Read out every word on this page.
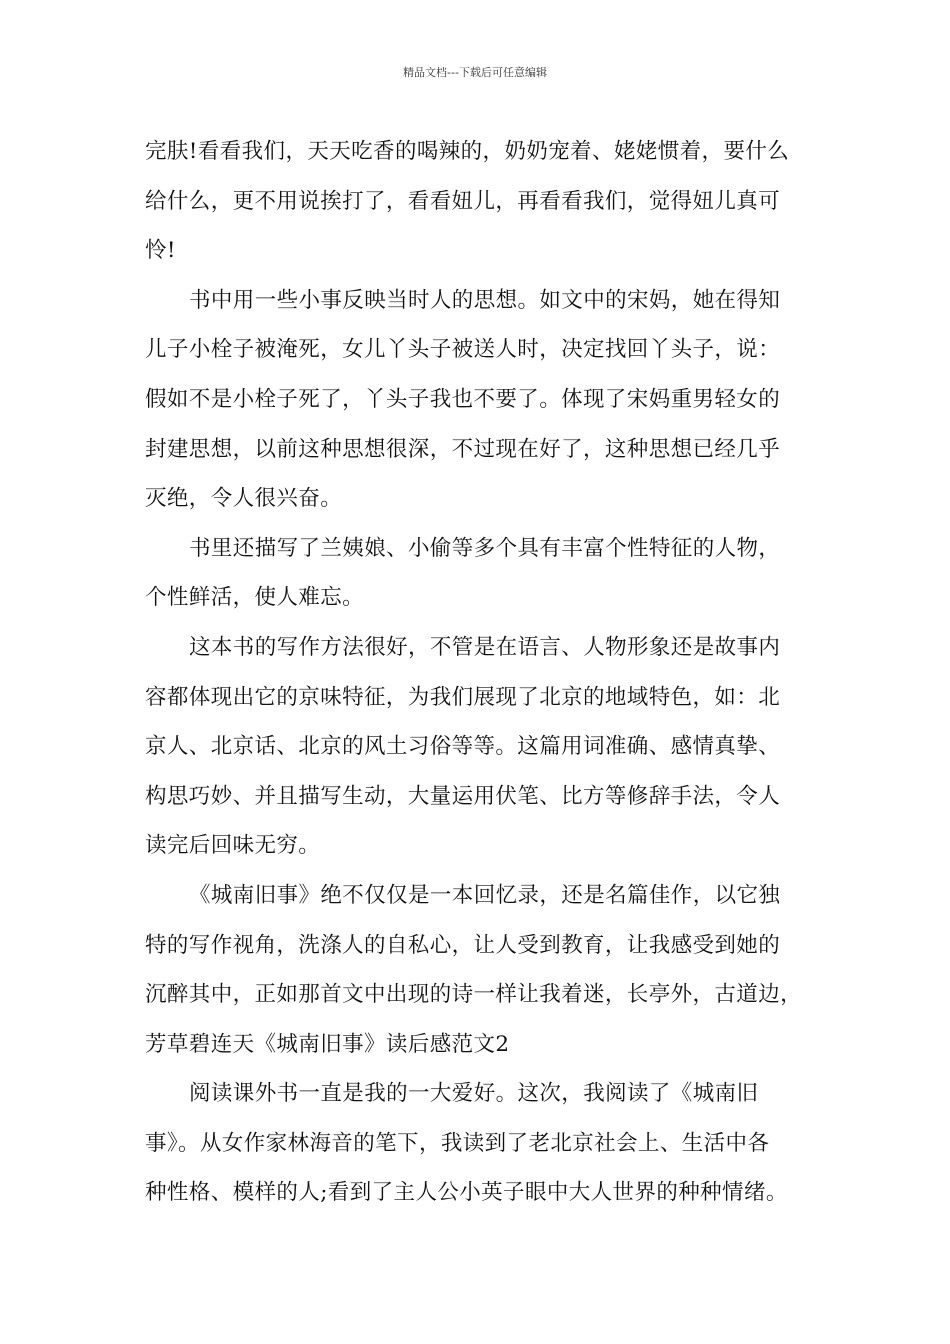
精品文档---下载后可任意编辑
完肤!看看我们，天天吃香的喝辣的，奶奶宠着、姥姥惯着，要什么
给什么，更不用说挨打了，看看妞儿，再看看我们，觉得妞儿真可
怜!
书中用一些小事反映当时人的思想。如文中的宋妈，她在得知
儿子小栓子被淹死，女儿丫头子被送人时，决定找回丫头子，说：
假如不是小栓子死了，丫头子我也不要了。体现了宋妈重男轻女的
封建思想，以前这种思想很深，不过现在好了，这种思想已经几乎
灭绝，令人很兴奋。
书里还描写了兰姨娘、小偷等多个具有丰富个性特征的人物，
个性鲜活，使人难忘。
这本书的写作方法很好，不管是在语言、人物形象还是故事内
容都体现出它的京味特征，为我们展现了北京的地域特色，如：北
京人、北京话、北京的风土习俗等等。这篇用词准确、感情真挚、
构思巧妙、并且描写生动，大量运用伏笔、比方等修辞手法，令人
读完后回味无穷。
《城南旧事》绝不仅仅是一本回忆录，还是名篇佳作，以它独
特的写作视角，洗涤人的自私心，让人受到教育，让我感受到她的
沉醉其中，正如那首文中出现的诗一样让我着迷，长亭外，古道边，
芳草碧连天《城南旧事》读后感范文2
阅读课外书一直是我的一大爱好。这次，我阅读了《城南旧
事》。从女作家林海音的笔下，我读到了老北京社会上、生活中各
种性格、模样的人;看到了主人公小英子眼中大人世界的种种情绪。
